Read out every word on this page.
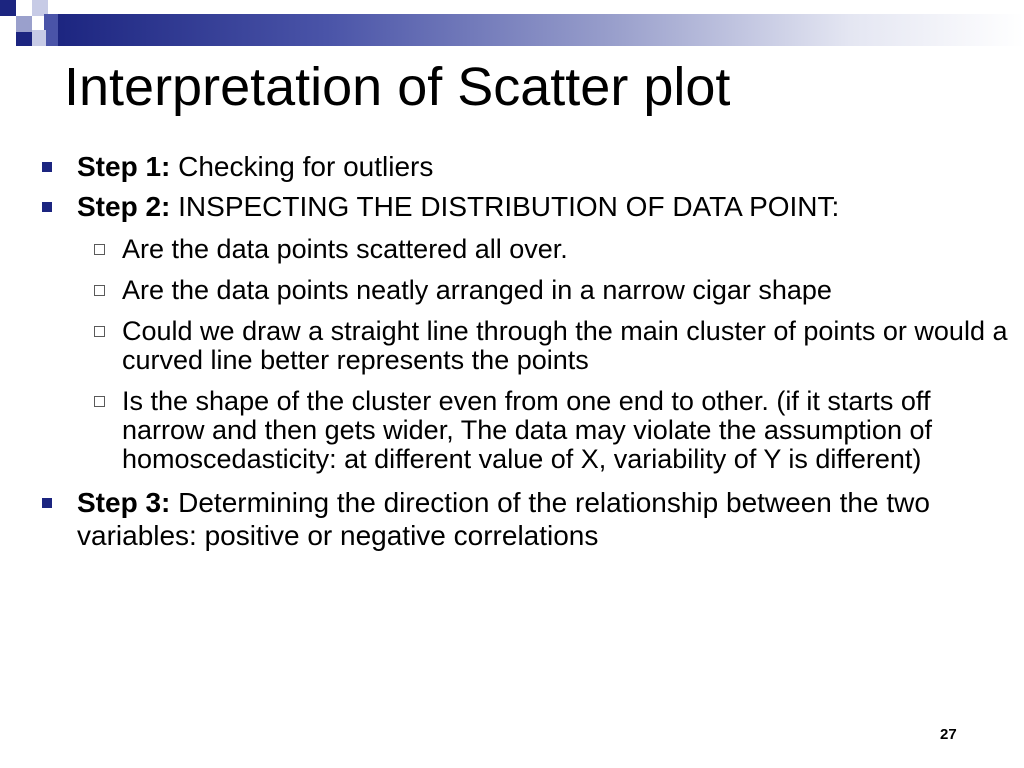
Interpretation of Scatter plot
Step 1: Checking for outliers
Step 2: INSPECTING THE DISTRIBUTION OF DATA POINT:
Are the data points scattered all over.
Are the data points neatly arranged in a narrow cigar shape
Could we draw a straight line through the main cluster of points or would a curved line better represents the points
Is the shape of the cluster even from one end to other. (if it starts off narrow and then gets wider, The data may violate the assumption of homoscedasticity: at different value of X, variability of Y is different)
Step 3: Determining the direction of the relationship between the two variables: positive or negative correlations
27
